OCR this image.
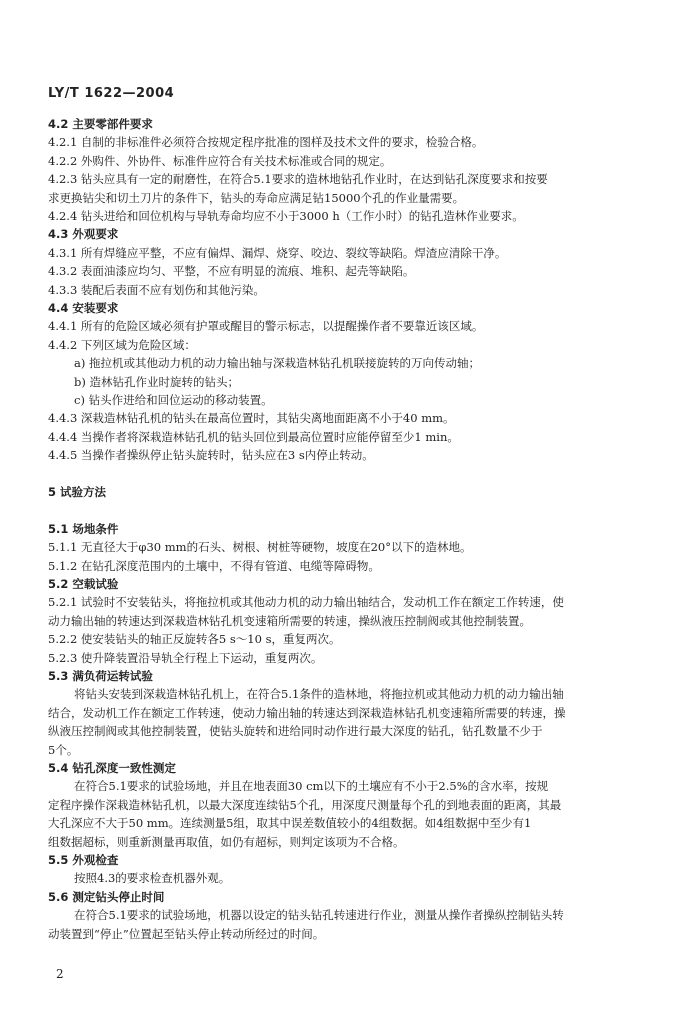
LY/T 1622—2004
4.2 主要零部件要求
4.2.1 自制的非标准件必须符合按规定程序批准的图样及技术文件的要求，检验合格。
4.2.2 外购件、外协件、标准件应符合有关技术标准或合同的规定。
4.2.3 钻头应具有一定的耐磨性，在符合5.1要求的造林地钻孔作业时，在达到钻孔深度要求和按要
求更换钻尖和切土刀片的条件下，钻头的寿命应满足钻15000个孔的作业量需要。
4.2.4 钻头进给和回位机构与导轨寿命均应不小于3000 h（工作小时）的钻孔造林作业要求。
4.3 外观要求
4.3.1 所有焊缝应平整，不应有偏焊、漏焊、烧穿、咬边、裂纹等缺陷。焊渣应清除干净。
4.3.2 表面油漆应均匀、平整，不应有明显的流痕、堆积、起壳等缺陷。
4.3.3 装配后表面不应有划伤和其他污染。
4.4 安装要求
4.4.1 所有的危险区域必须有护罩或醒目的警示标志，以提醒操作者不要靠近该区域。
4.4.2 下列区域为危险区域：
a) 拖拉机或其他动力机的动力输出轴与深栽造林钻孔机联接旋转的万向传动轴；
b) 造林钻孔作业时旋转的钻头；
c) 钻头作进给和回位运动的移动装置。
4.4.3 深栽造林钻孔机的钻头在最高位置时，其钻尖离地面距离不小于40 mm。
4.4.4 当操作者将深栽造林钻孔机的钻头回位到最高位置时应能停留至少1 min。
4.4.5 当操作者操纵停止钻头旋转时，钻头应在3 s内停止转动。
5 试验方法
5.1 场地条件
5.1.1 无直径大于φ30 mm的石头、树根、树桩等硬物，坡度在20°以下的造林地。
5.1.2 在钻孔深度范围内的土壤中，不得有管道、电缆等障碍物。
5.2 空载试验
5.2.1 试验时不安装钻头，将拖拉机或其他动力机的动力输出轴结合，发动机工作在额定工作转速，使
动力输出轴的转速达到深栽造林钻孔机变速箱所需要的转速，操纵液压控制阀或其他控制装置。
5.2.2 使安装钻头的轴正反旋转各5 s～10 s，重复两次。
5.2.3 使升降装置沿导轨全行程上下运动，重复两次。
5.3 满负荷运转试验
将钻头安装到深栽造林钻孔机上，在符合5.1条件的造林地，将拖拉机或其他动力机的动力输出轴
结合，发动机工作在额定工作转速，使动力输出轴的转速达到深栽造林钻孔机变速箱所需要的转速，操
纵液压控制阀或其他控制装置，使钻头旋转和进给同时动作进行最大深度的钻孔，钻孔数量不少于
5个。
5.4 钻孔深度一致性测定
在符合5.1要求的试验场地，并且在地表面30 cm以下的土壤应有不小于2.5%的含水率，按规
定程序操作深栽造林钻孔机，以最大深度连续钻5个孔，用深度尺测量每个孔的到地表面的距离，其最
大孔深应不大于50 mm。连续测量5组，取其中误差数值较小的4组数据。如4组数据中至少有1
组数据超标，则重新测量再取值，如仍有超标，则判定该项为不合格。
5.5 外观检查
按照4.3的要求检查机器外观。
5.6 测定钻头停止时间
在符合5.1要求的试验场地，机器以设定的钻头钻孔转速进行作业，测量从操作者操纵控制钻头转
动装置到“停止”位置起至钻头停止转动所经过的时间。
2
